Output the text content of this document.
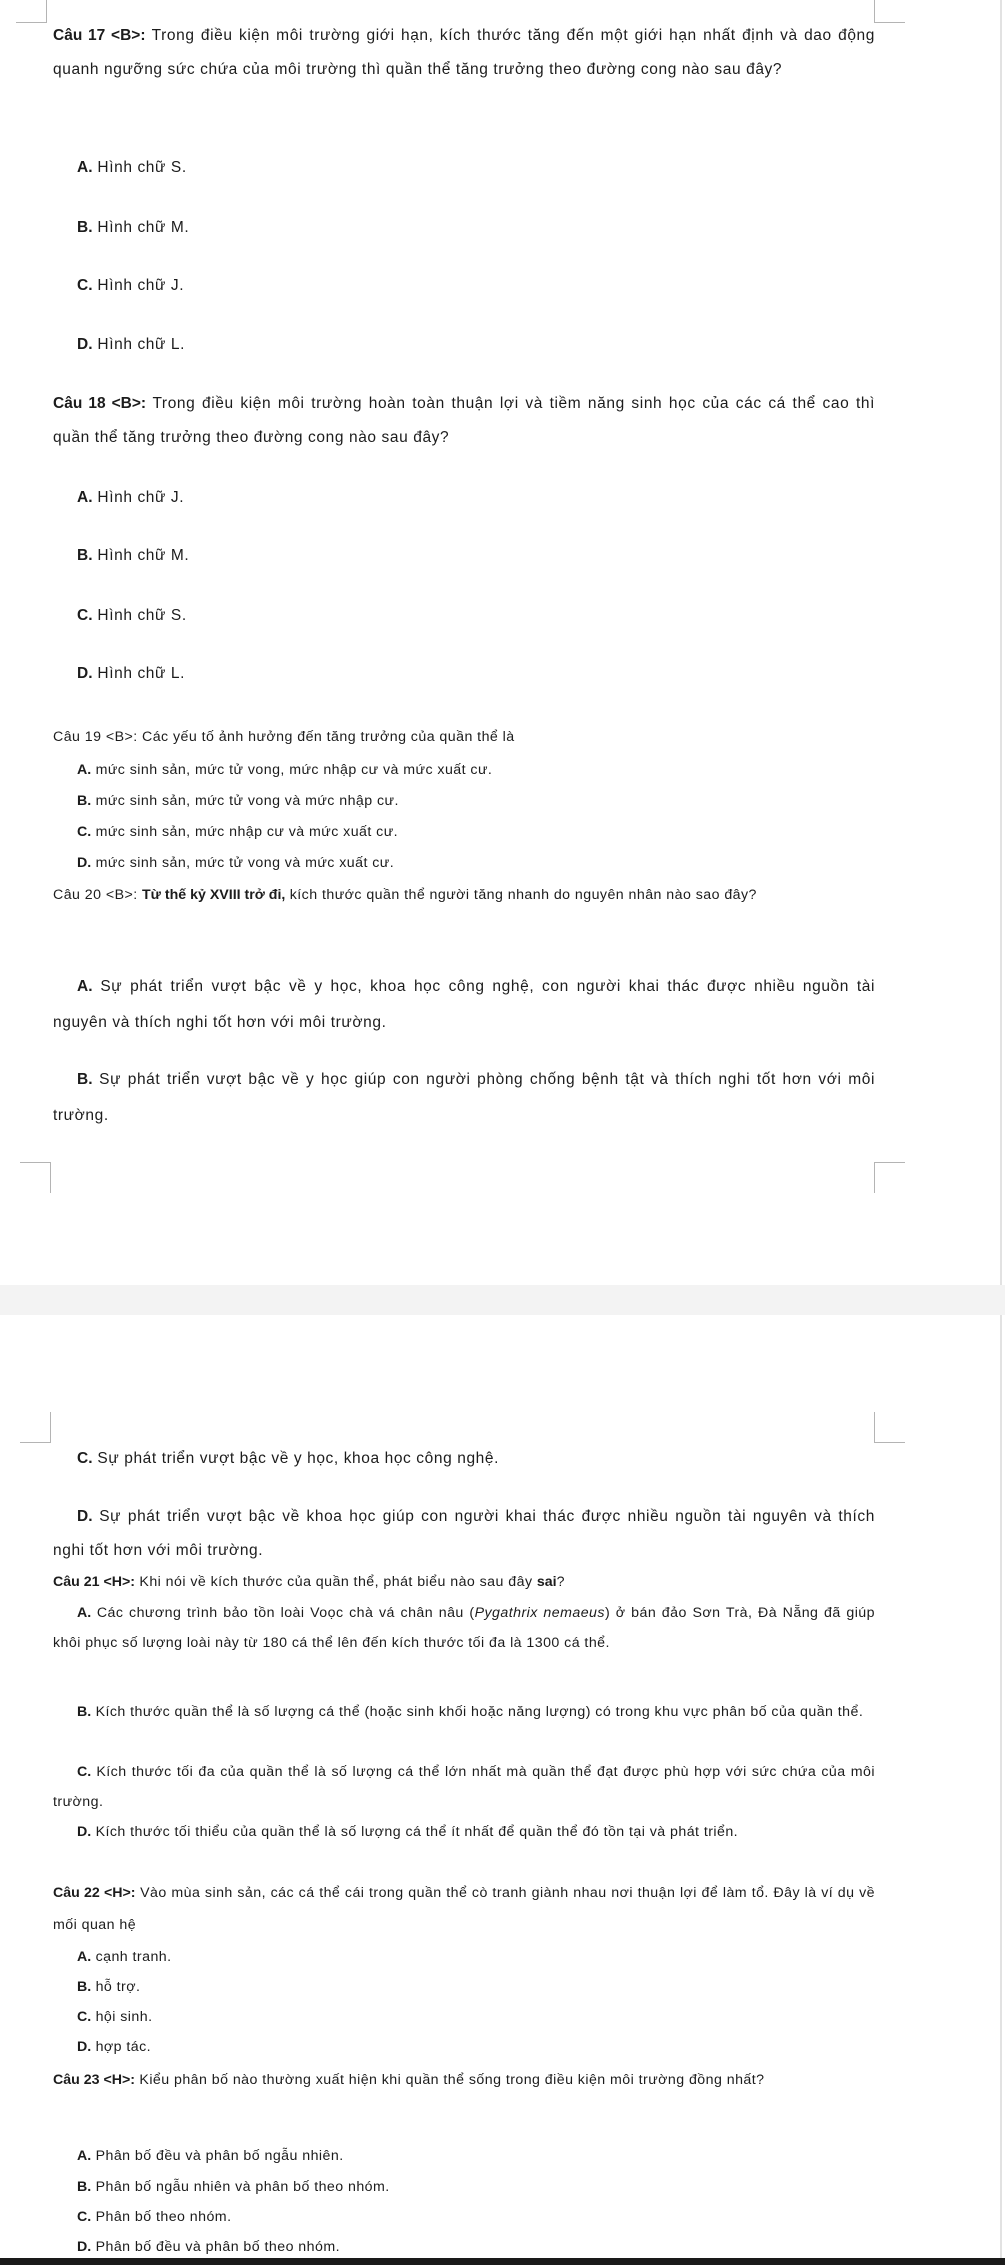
Câu 17 <B>: Trong điều kiện môi trường giới hạn, kích thước tăng đến một giới hạn nhất định và dao động quanh ngưỡng sức chứa của môi trường thì quần thể tăng trưởng theo đường cong nào sau đây?

A. Hình chữ S.

B. Hình chữ M.

C. Hình chữ J.

D. Hình chữ L.

Câu 18 <B>: Trong điều kiện môi trường hoàn toàn thuận lợi và tiềm năng sinh học của các cá thể cao thì quần thể tăng trưởng theo đường cong nào sau đây?

A. Hình chữ J.

B. Hình chữ M.

C. Hình chữ S.

D. Hình chữ L.

Câu 19 <B>: Các yếu tố ảnh hưởng đến tăng trưởng của quần thể là

A. mức sinh sản, mức tử vong, mức nhập cư và mức xuất cư.

B. mức sinh sản, mức tử vong và mức nhập cư.

C. mức sinh sản, mức nhập cư và mức xuất cư.

D. mức sinh sản, mức tử vong và mức xuất cư.

Câu 20 <B>: Từ thế kỷ XVIII trở đi, kích thước quần thể người tăng nhanh do nguyên nhân nào sao đây?

A. Sự phát triển vượt bậc về y học, khoa học công nghệ, con người khai thác được nhiều nguồn tài nguyên và thích nghi tốt hơn với môi trường.

B. Sự phát triển vượt bậc về y học giúp con người phòng chống bệnh tật và thích nghi tốt hơn với môi trường.

C. Sự phát triển vượt bậc về y học, khoa học công nghệ.

D. Sự phát triển vượt bậc về khoa học giúp con người khai thác được nhiều nguồn tài nguyên và thích nghi tốt hơn với môi trường.

Câu 21 <H>: Khi nói về kích thước của quần thể, phát biểu nào sau đây sai?

A. Các chương trình bảo tồn loài Voọc chà vá chân nâu (Pygathrix nemaeus) ở bán đảo Sơn Trà, Đà Nẵng đã giúp khôi phục số lượng loài này từ 180 cá thể lên đến kích thước tối đa là 1300 cá thể.

B. Kích thước quần thể là số lượng cá thể (hoặc sinh khối hoặc năng lượng) có trong khu vực phân bố của quần thể.

C. Kích thước tối đa của quần thể là số lượng cá thể lớn nhất mà quần thể đạt được phù hợp với sức chứa của môi trường.

D. Kích thước tối thiểu của quần thể là số lượng cá thể ít nhất để quần thể đó tồn tại và phát triển.

Câu 22 <H>: Vào mùa sinh sản, các cá thể cái trong quần thể cò tranh giành nhau nơi thuận lợi để làm tổ. Đây là ví dụ về mối quan hệ

A. cạnh tranh.

B. hỗ trợ.

C. hội sinh.

D. hợp tác.

Câu 23 <H>: Kiểu phân bố nào thường xuất hiện khi quần thể sống trong điều kiện môi trường đồng nhất?

A. Phân bố đều và phân bố ngẫu nhiên.

B. Phân bố ngẫu nhiên và phân bố theo nhóm.

C. Phân bố theo nhóm.

D. Phân bố đều và phân bố theo nhóm.
